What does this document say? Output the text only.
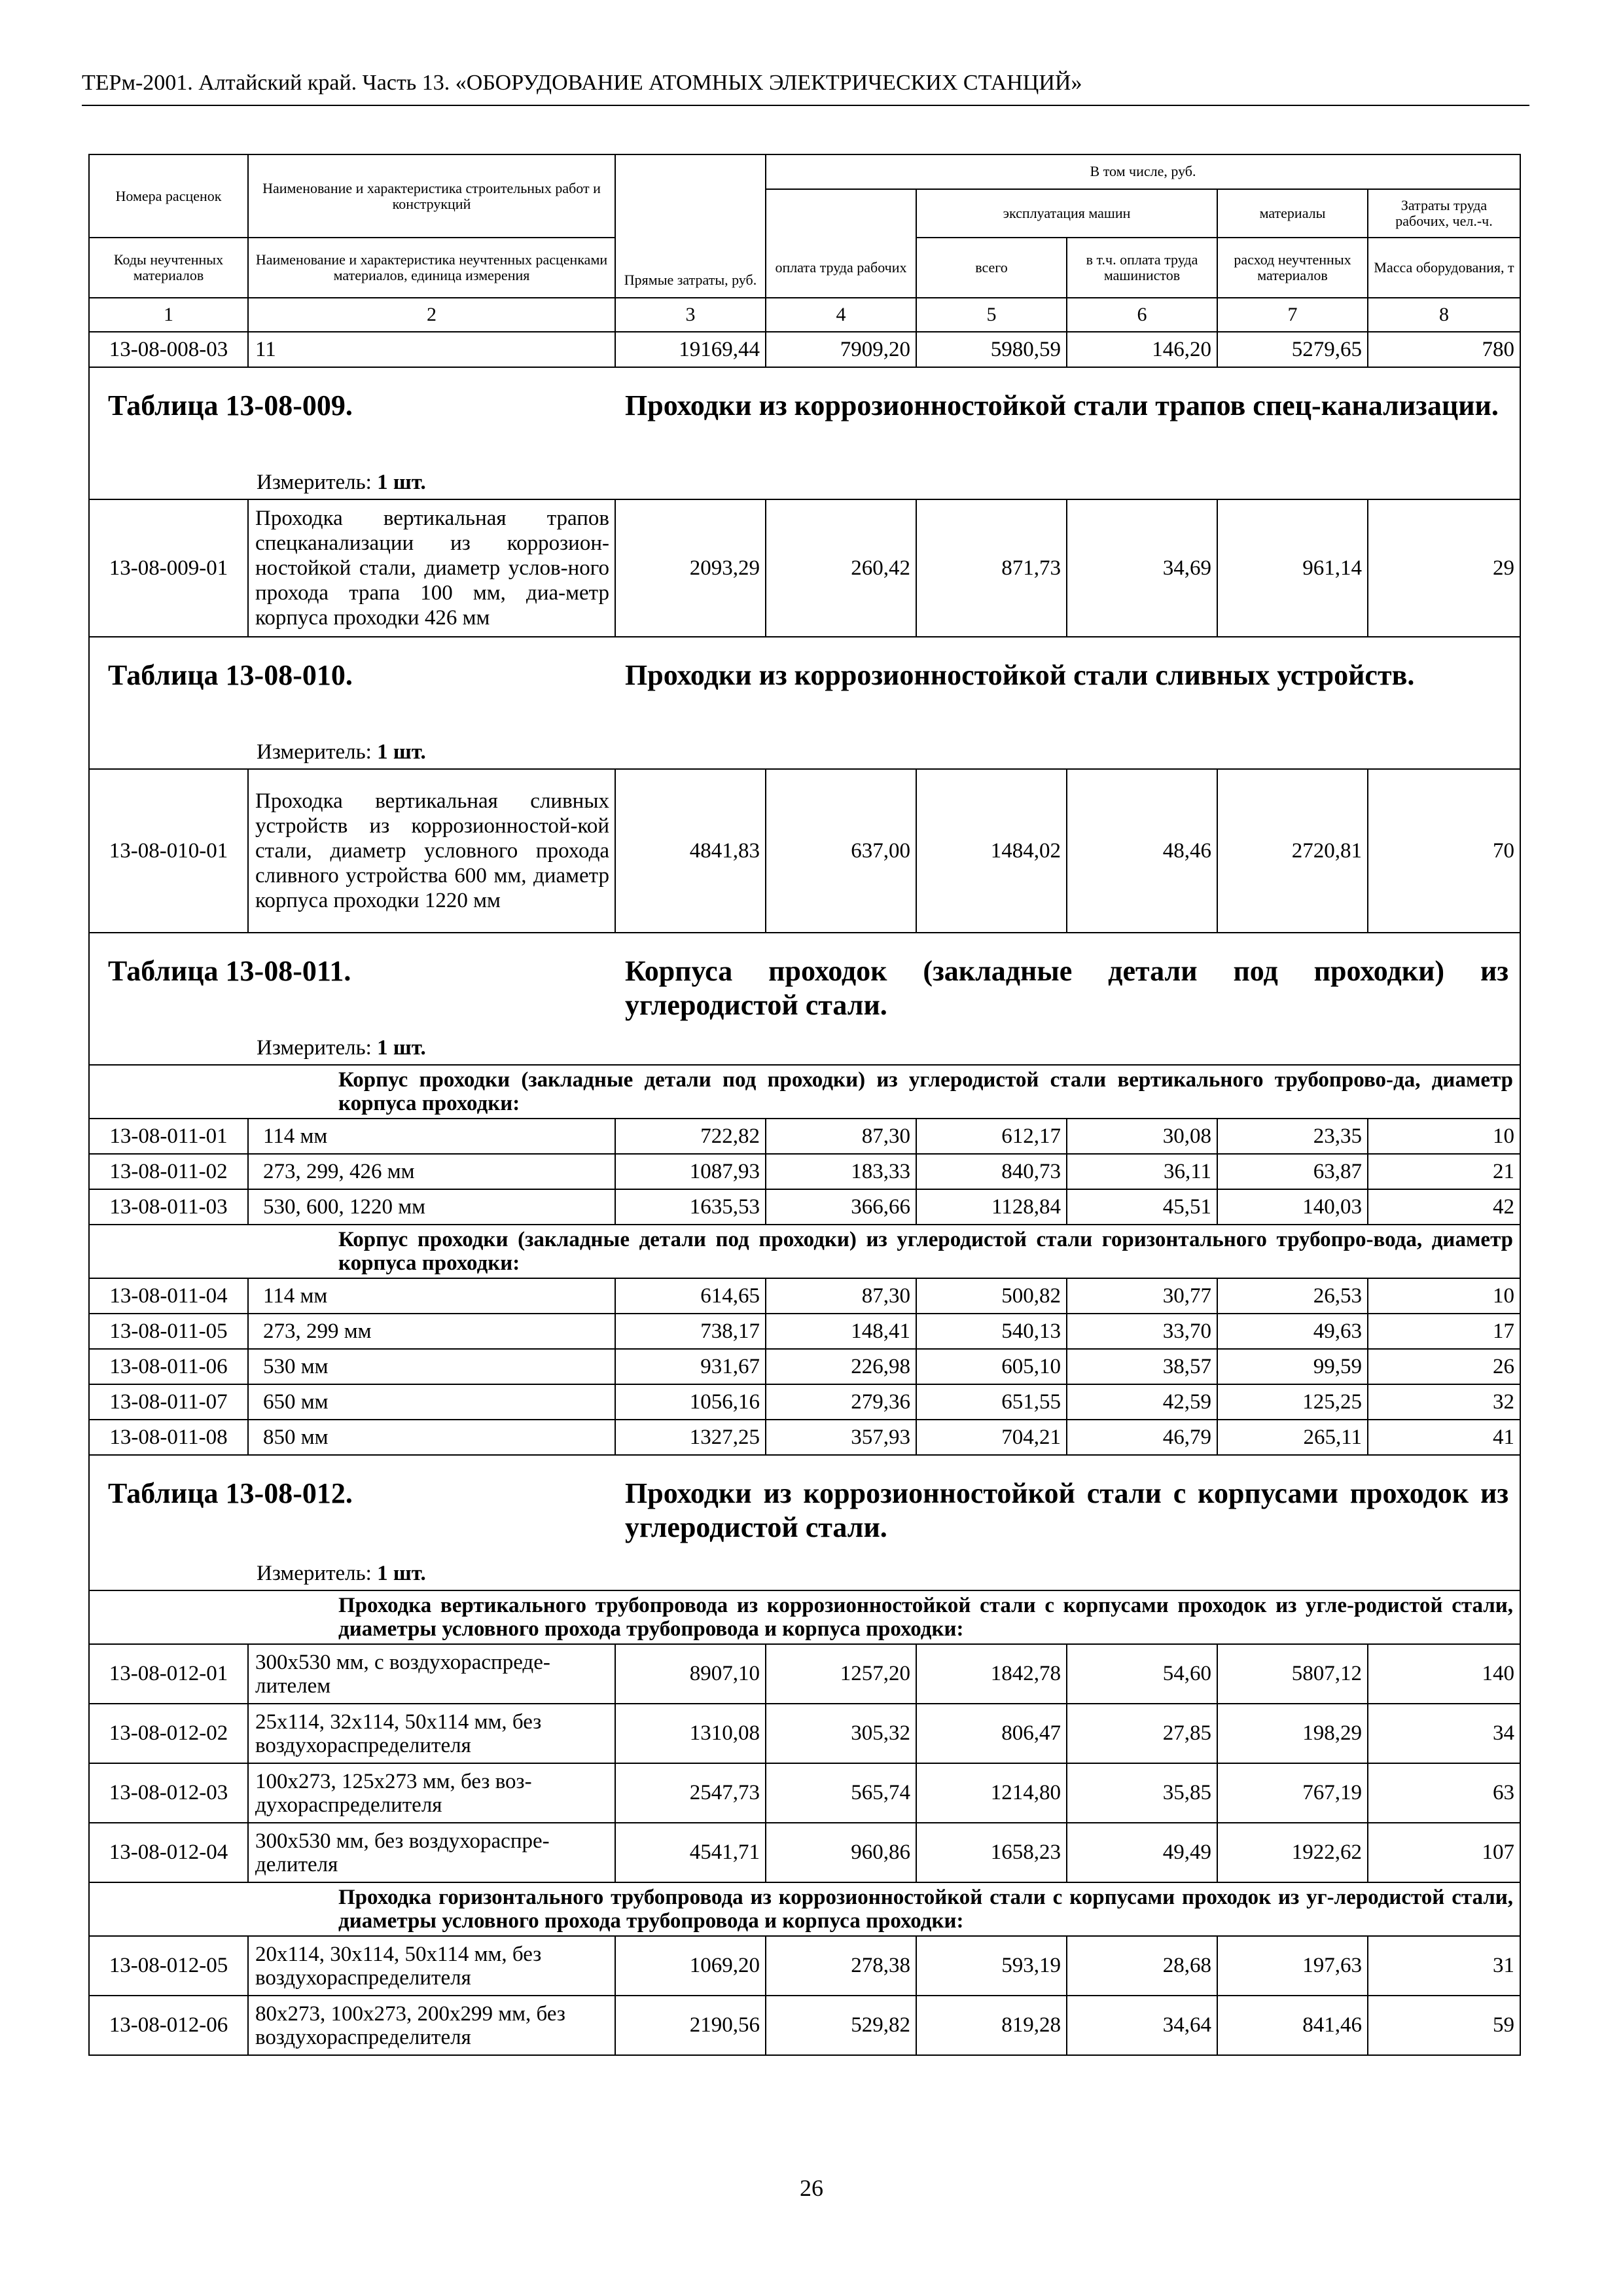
ТЕРм-2001. Алтайский край. Часть 13. «ОБОРУДОВАНИЕ АТОМНЫХ ЭЛЕКТРИЧЕСКИХ СТАНЦИЙ»
Номера расценок	Наименование и характеристика строительных работ и конструкций	Прямые затраты, руб.	В том числе, руб.					
				эксплуатация машин		материалы	Затраты труда рабочих, чел.-ч.	
Коды неучтенных материалов	Наименование и характеристика неучтенных расценками материалов, единица измерения		оплата труда рабочих	всего	в т.ч. оплата труда машинистов	расход неучтенных материалов	Масса оборудования, т	
1	2	3	4	5	6	7	8	
13-08-008-03	11	19169,44	7909,20	5980,59	146,20	5279,65	780	

Таблица 13-08-009. Проходки из коррозионностойкой стали трапов спец-канализации.
Измеритель: 1 шт.								

13-08-009-01	Проходка вертикальная трапов спецканализации из коррозион-ностойкой стали, диаметр услов-ного прохода трапа 100 мм, диа-метр корпуса проходки 426 мм	2093,29	260,42	871,73	34,69	961,14	29	

Таблица 13-08-010. Проходки из коррозионностойкой стали сливных устройств.
Измеритель: 1 шт.								

13-08-010-01	Проходка вертикальная сливных устройств из коррозионностой-кой стали, диаметр условного прохода сливного устройства 600 мм, диаметр корпуса проходки 1220 мм	4841,83	637,00	1484,02	48,46	2720,81	70	

Таблица 13-08-011. Корпуса проходок (закладные детали под проходки) из углеродистой стали.
Измеритель: 1 шт.								

Корпус проходки (закладные детали под проходки) из углеродистой стали вертикального трубопрово-да, диаметр корпуса проходки:								
13-08-011-01	114 мм	722,82	87,30	612,17	30,08	23,35	10	
13-08-011-02	273, 299, 426 мм	1087,93	183,33	840,73	36,11	63,87	21	
13-08-011-03	530, 600, 1220 мм	1635,53	366,66	1128,84	45,51	140,03	42	
Корпус проходки (закладные детали под проходки) из углеродистой стали горизонтального трубопро-вода, диаметр корпуса проходки:								
13-08-011-04	114 мм	614,65	87,30	500,82	30,77	26,53	10	
13-08-011-05	273, 299 мм	738,17	148,41	540,13	33,70	49,63	17	
13-08-011-06	530 мм	931,67	226,98	605,10	38,57	99,59	26	
13-08-011-07	650 мм	1056,16	279,36	651,55	42,59	125,25	32	
13-08-011-08	850 мм	1327,25	357,93	704,21	46,79	265,11	41	

Таблица 13-08-012. Проходки из коррозионностойкой стали с корпусами проходок из углеродистой стали.
Измеритель: 1 шт.								

Проходка вертикального трубопровода из коррозионностойкой стали с корпусами проходок из угле-родистой стали, диаметры условного прохода трубопровода и корпуса проходки:								
13-08-012-01	300х530 мм, с воздухораспреде-лителем	8907,10	1257,20	1842,78	54,60	5807,12	140	
13-08-012-02	25х114, 32х114, 50х114 мм, без воздухораспределителя	1310,08	305,32	806,47	27,85	198,29	34	
13-08-012-03	100х273, 125х273 мм, без воз-духораспределителя	2547,73	565,74	1214,80	35,85	767,19	63	
13-08-012-04	300х530 мм, без воздухораспре-делителя	4541,71	960,86	1658,23	49,49	1922,62	107	
Проходка горизонтального трубопровода из коррозионностойкой стали с корпусами проходок из уг-леродистой стали, диаметры условного прохода трубопровода и корпуса проходки:								
13-08-012-05	20х114, 30х114, 50х114 мм, без воздухораспределителя	1069,20	278,38	593,19	28,68	197,63	31	
13-08-012-06	80х273, 100х273, 200х299 мм, без воздухораспределителя	2190,56	529,82	819,28	34,64	841,46	59	
26
